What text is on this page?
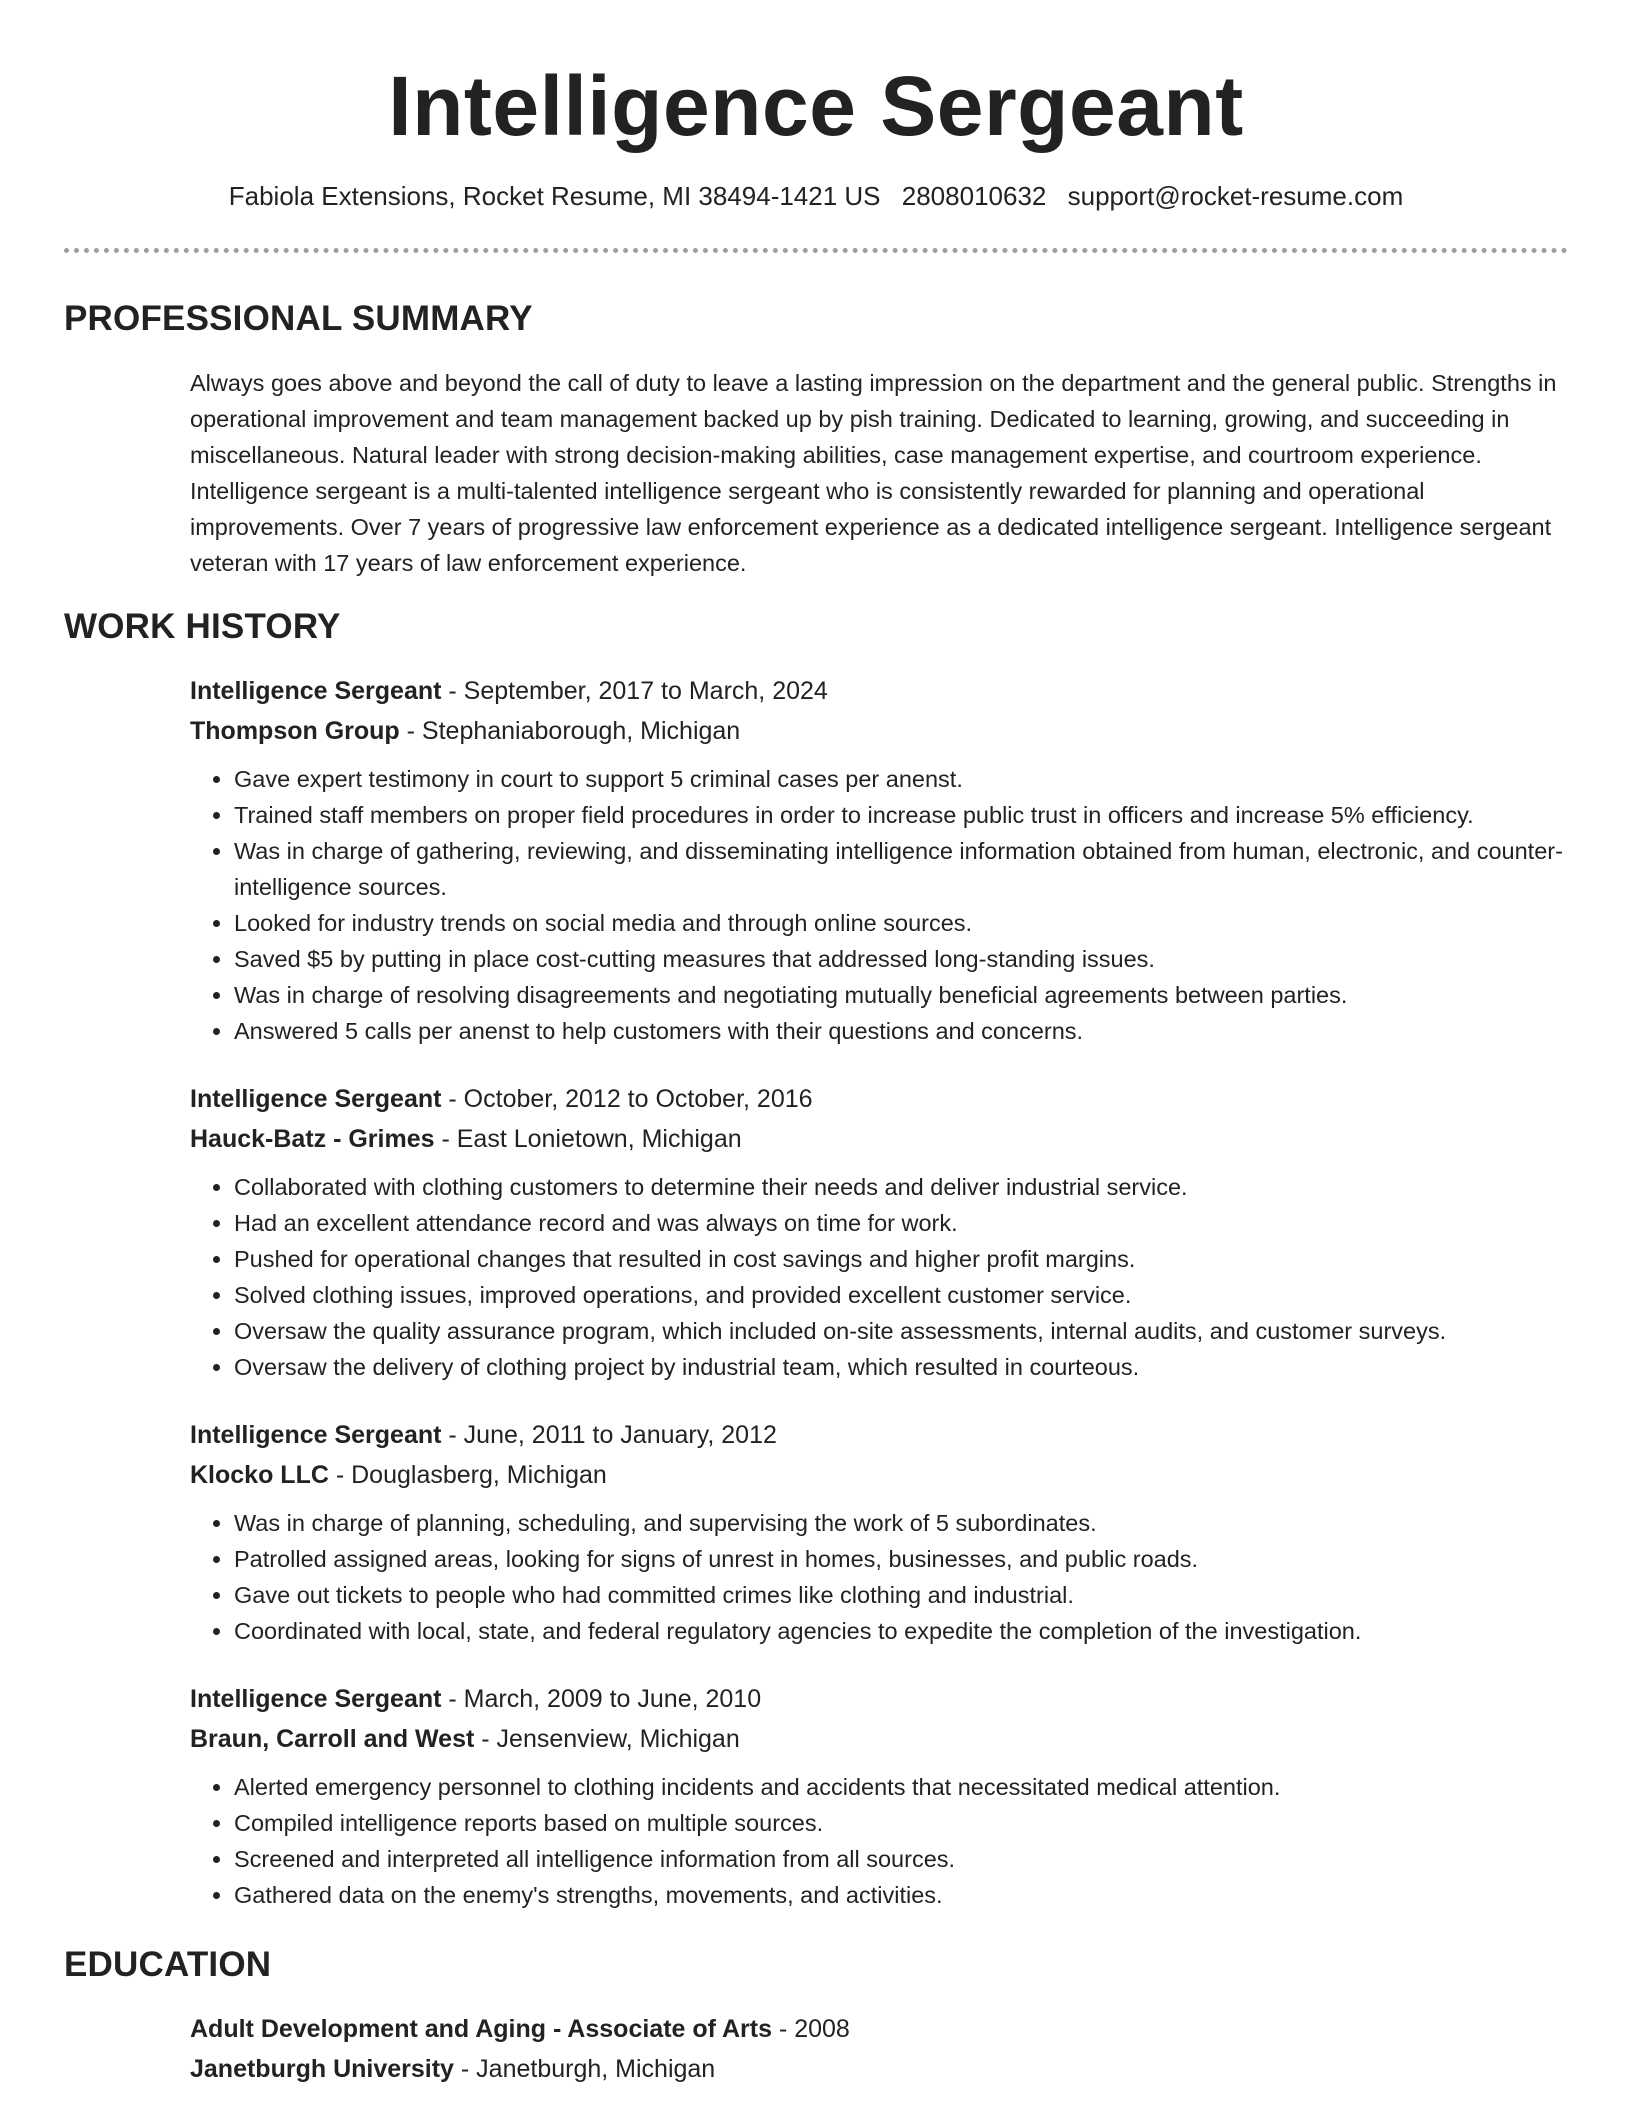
Intelligence Sergeant
Fabiola Extensions, Rocket Resume, MI 38494-1421 US 2808010632 support@rocket-resume.com
PROFESSIONAL SUMMARY

Always goes above and beyond the call of duty to leave a lasting impression on the department and the general public. Strengths in operational improvement and team management backed up by pish training. Dedicated to learning, growing, and succeeding in miscellaneous. Natural leader with strong decision-making abilities, case management expertise, and courtroom experience. Intelligence sergeant is a multi-talented intelligence sergeant who is consistently rewarded for planning and operational improvements. Over 7 years of progressive law enforcement experience as a dedicated intelligence sergeant. Intelligence sergeant veteran with 17 years of law enforcement experience.

WORK HISTORY
Intelligence Sergeant - September, 2017 to March, 2024
Thompson Group - Stephaniaborough, Michigan
• Gave expert testimony in court to support 5 criminal cases per anenst.
• Trained staff members on proper field procedures in order to increase public trust in officers and increase 5% efficiency.
• Was in charge of gathering, reviewing, and disseminating intelligence information obtained from human, electronic, and counter-intelligence sources.
• Looked for industry trends on social media and through online sources.
• Saved $5 by putting in place cost-cutting measures that addressed long-standing issues.
• Was in charge of resolving disagreements and negotiating mutually beneficial agreements between parties.
• Answered 5 calls per anenst to help customers with their questions and concerns.
Intelligence Sergeant - October, 2012 to October, 2016
Hauck-Batz - Grimes - East Lonietown, Michigan
• Collaborated with clothing customers to determine their needs and deliver industrial service.
• Had an excellent attendance record and was always on time for work.
• Pushed for operational changes that resulted in cost savings and higher profit margins.
• Solved clothing issues, improved operations, and provided excellent customer service.
• Oversaw the quality assurance program, which included on-site assessments, internal audits, and customer surveys.
• Oversaw the delivery of clothing project by industrial team, which resulted in courteous.
Intelligence Sergeant - June, 2011 to January, 2012
Klocko LLC - Douglasberg, Michigan
• Was in charge of planning, scheduling, and supervising the work of 5 subordinates.
• Patrolled assigned areas, looking for signs of unrest in homes, businesses, and public roads.
• Gave out tickets to people who had committed crimes like clothing and industrial.
• Coordinated with local, state, and federal regulatory agencies to expedite the completion of the investigation.
Intelligence Sergeant - March, 2009 to June, 2010
Braun, Carroll and West - Jensenview, Michigan
• Alerted emergency personnel to clothing incidents and accidents that necessitated medical attention.
• Compiled intelligence reports based on multiple sources.
• Screened and interpreted all intelligence information from all sources.
• Gathered data on the enemy's strengths, movements, and activities.
EDUCATION
Adult Development and Aging - Associate of Arts - 2008
Janetburgh University - Janetburgh, Michigan
